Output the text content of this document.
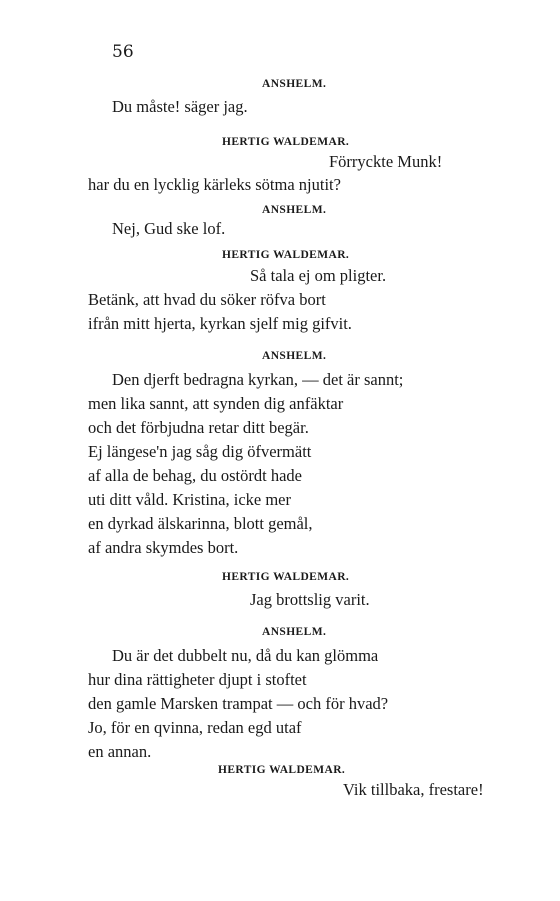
56
ANSHELM.
Du måste! säger jag.
HERTIG WALDEMAR.
Förryckte Munk!
har du en lycklig kärleks sötma njutit?
ANSHELM.
Nej, Gud ske lof.
HERTIG WALDEMAR.
Så tala ej om pligter.
Betänk, att hvad du söker röfva bort
ifrån mitt hjerta, kyrkan sjelf mig gifvit.
ANSHELM.
Den djerft bedragna kyrkan, — det är sannt;
men lika sannt, att synden dig anfäktar
och det förbjudna retar ditt begär.
Ej längese'n jag såg dig öfvermätt
af alla de behag, du ostördt hade
uti ditt våld. Kristina, icke mer
en dyrkad älskarinna, blott gemål,
af andra skymdes bort.
HERTIG WALDEMAR.
Jag brottslig varit.
ANSHELM.
Du är det dubbelt nu, då du kan glömma
hur dina rättigheter djupt i stoftet
den gamle Marsken trampat — och för hvad?
Jo, för en qvinna, redan egd utaf
en annan.
HERTIG WALDEMAR.
Vik tillbaka, frestare!
